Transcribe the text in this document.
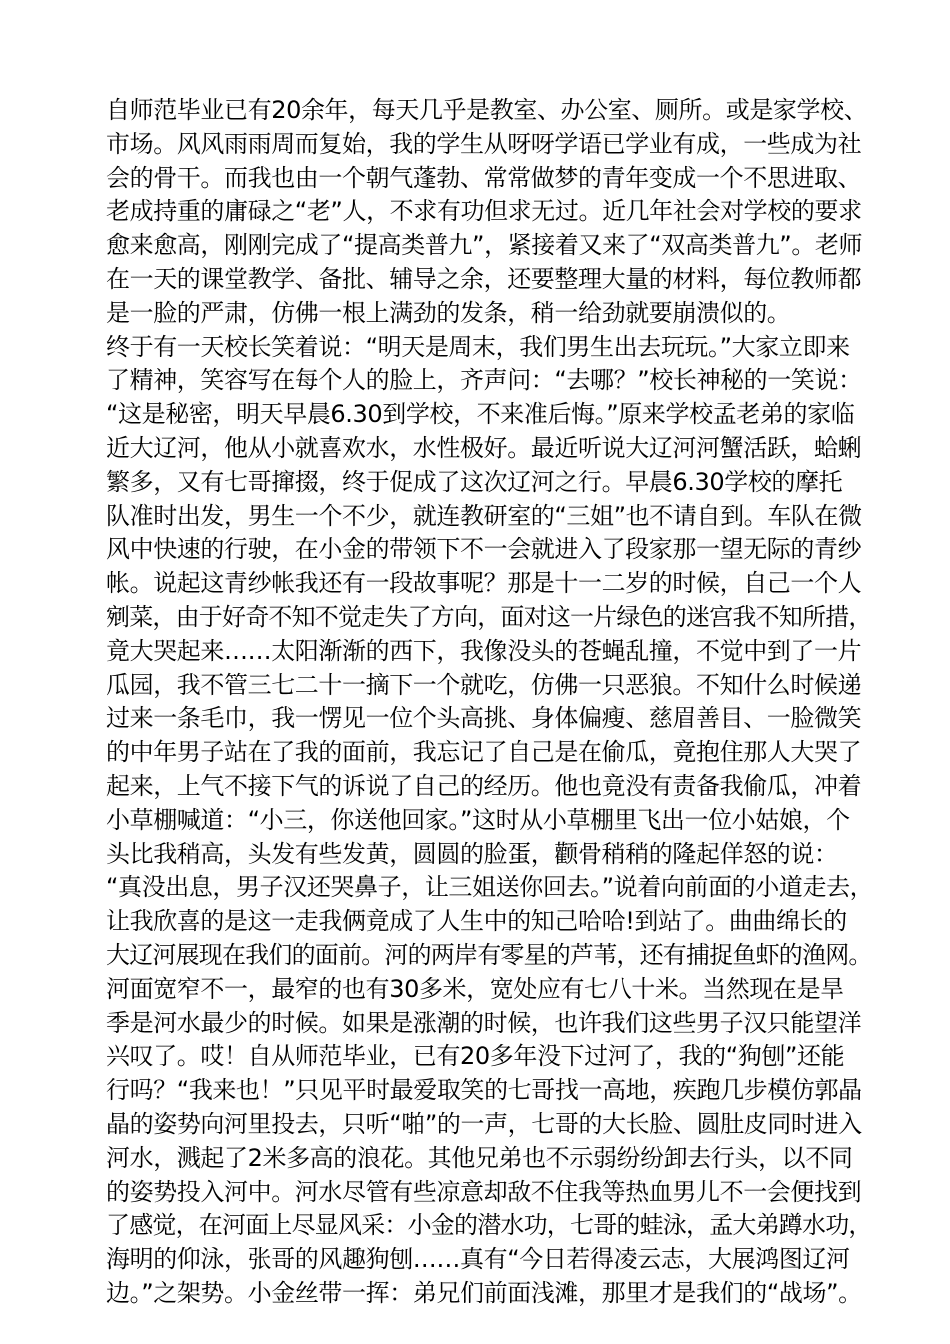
自师范毕业已有20余年，每天几乎是教室、办公室、厕所。或是家学校、
市场。风风雨雨周而复始，我的学生从呀呀学语已学业有成，一些成为社
会的骨干。而我也由一个朝气蓬勃、常常做梦的青年变成一个不思进取、
老成持重的庸碌之“老”人，不求有功但求无过。近几年社会对学校的要求
愈来愈高，刚刚完成了“提高类普九”，紧接着又来了“双高类普九”。老师
在一天的课堂教学、备批、辅导之余，还要整理大量的材料，每位教师都
是一脸的严肃，仿佛一根上满劲的发条，稍一给劲就要崩溃似的。
终于有一天校长笑着说：“明天是周末，我们男生出去玩玩。”大家立即来
了精神，笑容写在每个人的脸上，齐声问：“去哪？”校长神秘的一笑说：
“这是秘密，明天早晨6.30到学校，不来准后悔。”原来学校孟老弟的家临
近大辽河，他从小就喜欢水，水性极好。最近听说大辽河河蟹活跃，蛤蜊
繁多，又有七哥撺掇，终于促成了这次辽河之行。早晨6.30学校的摩托
队准时出发，男生一个不少，就连教研室的“三姐”也不请自到。车队在微
风中快速的行驶，在小金的带领下不一会就进入了段家那一望无际的青纱
帐。说起这青纱帐我还有一段故事呢？那是十一二岁的时候，自己一个人
剜菜，由于好奇不知不觉走失了方向，面对这一片绿色的迷宫我不知所措，
竟大哭起来……太阳渐渐的西下，我像没头的苍蝇乱撞，不觉中到了一片
瓜园，我不管三七二十一摘下一个就吃，仿佛一只恶狼。不知什么时候递
过来一条毛巾，我一愣见一位个头高挑、身体偏瘦、慈眉善目、一脸微笑
的中年男子站在了我的面前，我忘记了自己是在偷瓜，竟抱住那人大哭了
起来，上气不接下气的诉说了自己的经历。他也竟没有责备我偷瓜，冲着
小草棚喊道：“小三，你送他回家。”这时从小草棚里飞出一位小姑娘，个
头比我稍高，头发有些发黄，圆圆的脸蛋，颧骨稍稍的隆起佯怒的说：
“真没出息，男子汉还哭鼻子，让三姐送你回去。”说着向前面的小道走去，
让我欣喜的是这一走我俩竟成了人生中的知己哈哈!到站了。曲曲绵长的
大辽河展现在我们的面前。河的两岸有零星的芦苇，还有捕捉鱼虾的渔网。
河面宽窄不一，最窄的也有30多米，宽处应有七八十米。当然现在是旱
季是河水最少的时候。如果是涨潮的时候，也许我们这些男子汉只能望洋
兴叹了。哎！自从师范毕业，已有20多年没下过河了，我的“狗刨”还能
行吗？“我来也！”只见平时最爱取笑的七哥找一高地，疾跑几步模仿郭晶
晶的姿势向河里投去，只听“啪”的一声，七哥的大长脸、圆肚皮同时进入
河水，溅起了2米多高的浪花。其他兄弟也不示弱纷纷卸去行头，以不同
的姿势投入河中。河水尽管有些凉意却敌不住我等热血男儿不一会便找到
了感觉，在河面上尽显风采：小金的潜水功，七哥的蛙泳，孟大弟蹲水功，
海明的仰泳，张哥的风趣狗刨……真有“今日若得凌云志，大展鸿图辽河
边。”之架势。小金丝带一挥：弟兄们前面浅滩，那里才是我们的“战场”。
